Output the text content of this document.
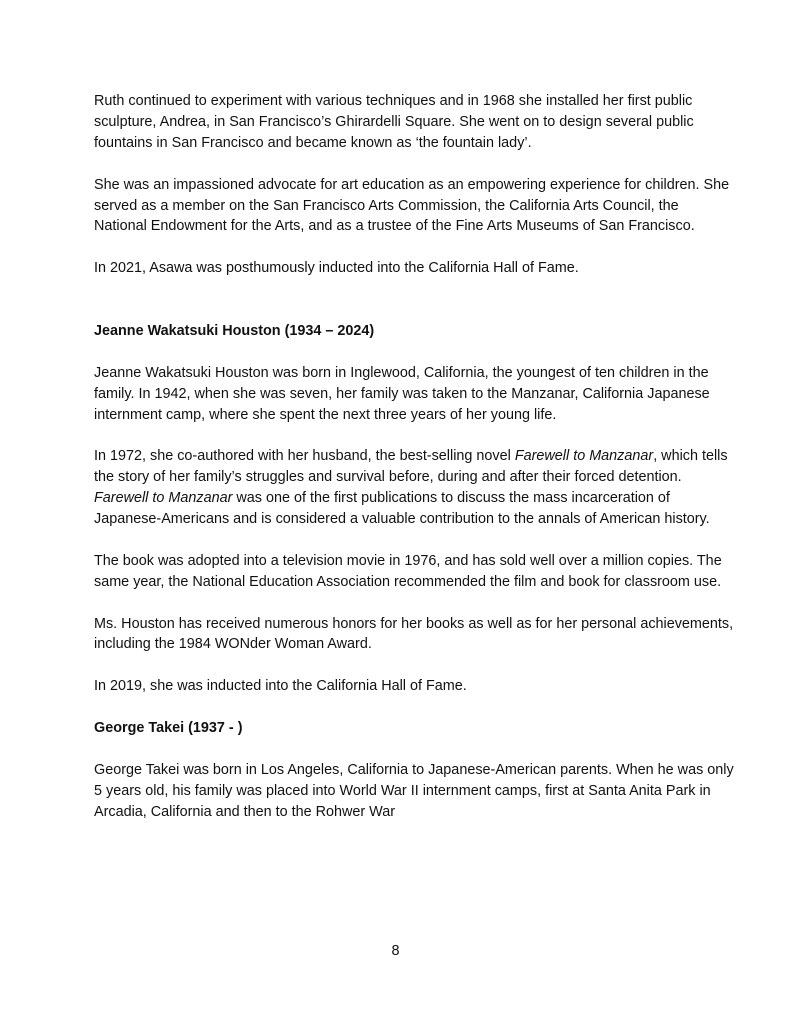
Ruth continued to experiment with various techniques and in 1968 she installed her first public sculpture, Andrea, in San Francisco’s Ghirardelli Square. She went on to design several public fountains in San Francisco and became known as ‘the fountain lady’.

She was an impassioned advocate for art education as an empowering experience for children. She served as a member on the San Francisco Arts Commission, the California Arts Council, the National Endowment for the Arts, and as a trustee of the Fine Arts Museums of San Francisco.

In 2021, Asawa was posthumously inducted into the California Hall of Fame.

Jeanne Wakatsuki Houston (1934 – 2024)

Jeanne Wakatsuki Houston was born in Inglewood, California, the youngest of ten children in the family. In 1942, when she was seven, her family was taken to the Manzanar, California Japanese internment camp, where she spent the next three years of her young life.

In 1972, she co-authored with her husband, the best-selling novel Farewell to Manzanar, which tells the story of her family’s struggles and survival before, during and after their forced detention. Farewell to Manzanar was one of the first publications to discuss the mass incarceration of Japanese-Americans and is considered a valuable contribution to the annals of American history.

The book was adopted into a television movie in 1976, and has sold well over a million copies. The same year, the National Education Association recommended the film and book for classroom use.

Ms. Houston has received numerous honors for her books as well as for her personal achievements, including the 1984 WONder Woman Award.

In 2019, she was inducted into the California Hall of Fame.

George Takei (1937 - )

George Takei was born in Los Angeles, California to Japanese-American parents. When he was only 5 years old, his family was placed into World War II internment camps, first at Santa Anita Park in Arcadia, California and then to the Rohwer War

8
